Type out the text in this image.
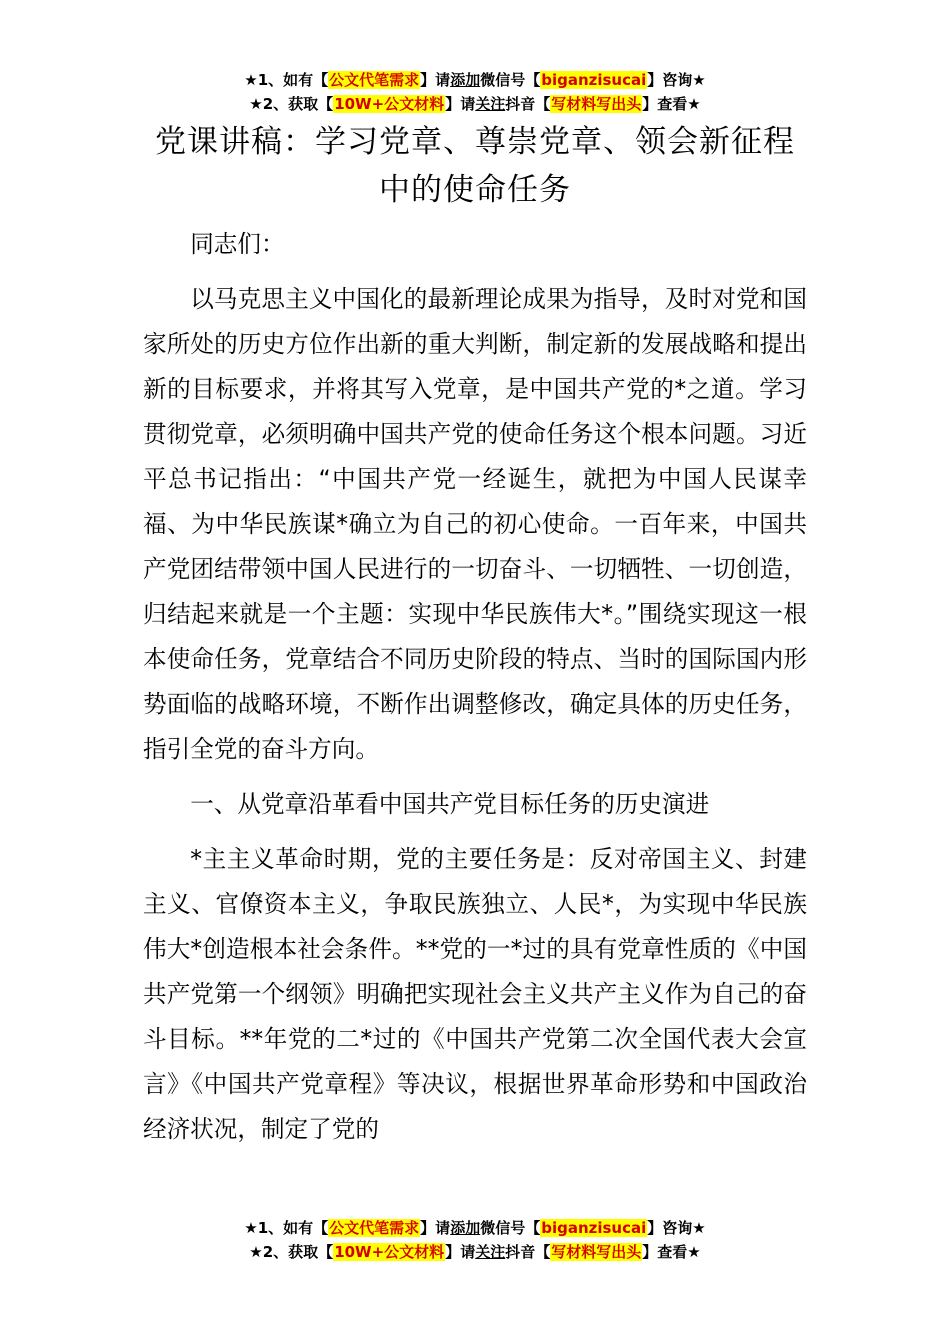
★1、如有【公文代笔需求】请添加微信号【biganzisucai】咨询★
★2、获取【10W+公文材料】请关注抖音【写材料写出头】查看★
党课讲稿：学习党章、尊崇党章、领会新征程中的使命任务

同志们：

以马克思主义中国化的最新理论成果为指导，及时对党和国家所处的历史方位作出新的重大判断，制定新的发展战略和提出新的目标要求，并将其写入党章，是中国共产党的*之道。学习贯彻党章，必须明确中国共产党的使命任务这个根本问题。习近平总书记指出：“中国共产党一经诞生，就把为中国人民谋幸福、为中华民族谋*确立为自己的初心使命。一百年来，中国共产党团结带领中国人民进行的一切奋斗、一切牺牲、一切创造，归结起来就是一个主题：实现中华民族伟大*。”围绕实现这一根本使命任务，党章结合不同历史阶段的特点、当时的国际国内形势面临的战略环境，不断作出调整修改，确定具体的历史任务，指引全党的奋斗方向。

一、从党章沿革看中国共产党目标任务的历史演进

*主主义革命时期，党的主要任务是：反对帝国主义、封建主义、官僚资本主义，争取民族独立、人民*，为实现中华民族伟大*创造根本社会条件。**党的一*过的具有党章性质的《中国共产党第一个纲领》明确把实现社会主义共产主义作为自己的奋斗目标。**年党的二*过的《中国共产党第二次全国代表大会宣言》《中国共产党章程》等决议，根据世界革命形势和中国政治经济状况，制定了党的

★1、如有【公文代笔需求】请添加微信号【biganzisucai】咨询★
★2、获取【10W+公文材料】请关注抖音【写材料写出头】查看★
